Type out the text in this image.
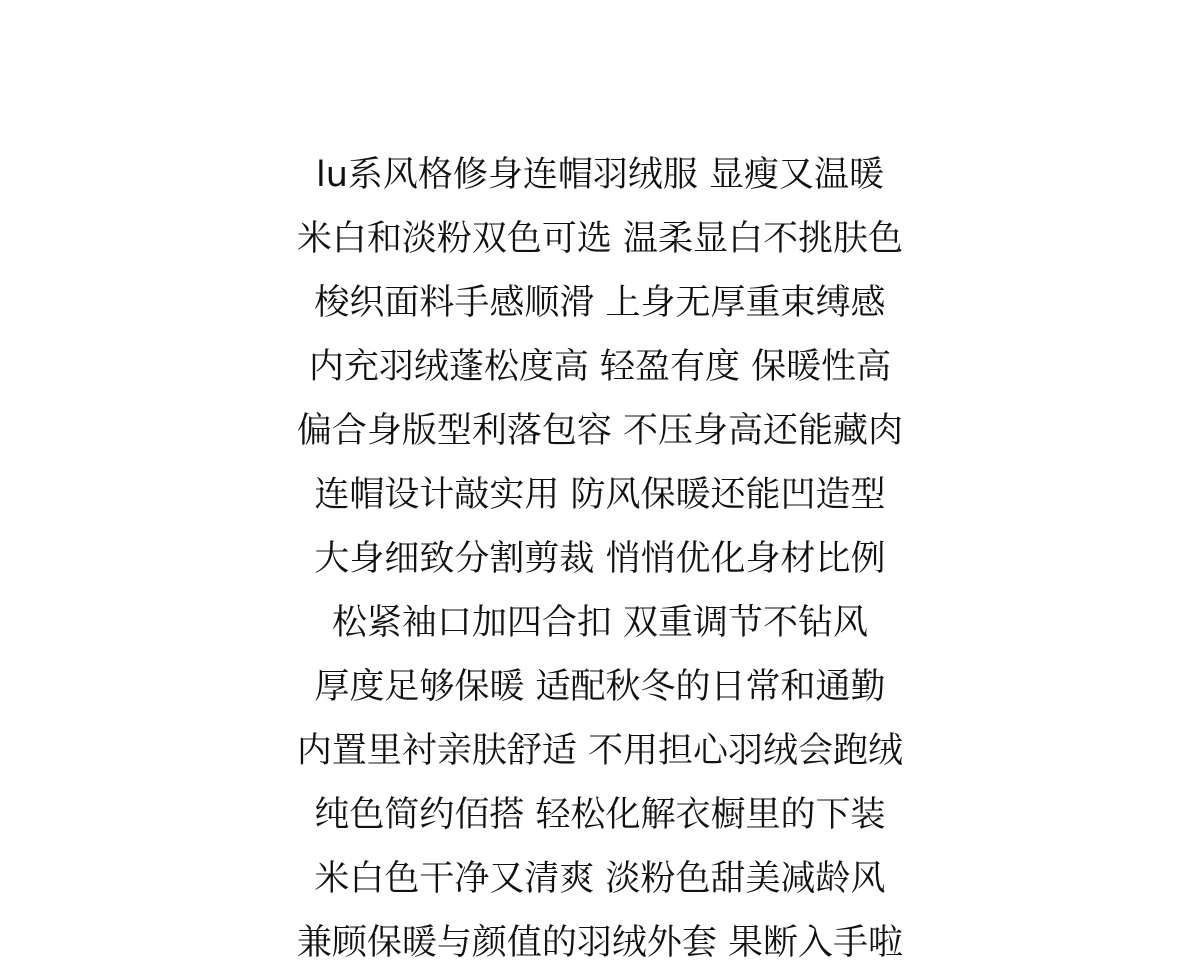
lu系风格修身连帽羽绒服 显瘦又温暖
米白和淡粉双色可选 温柔显白不挑肤色
梭织面料手感顺滑 上身无厚重束缚感
内充羽绒蓬松度高 轻盈有度 保暖性高
偏合身版型利落包容 不压身高还能藏肉
连帽设计敲实用 防风保暖还能凹造型
大身细致分割剪裁 悄悄优化身材比例
松紧袖口加四合扣 双重调节不钻风
厚度足够保暖 适配秋冬的日常和通勤
内置里衬亲肤舒适 不用担心羽绒会跑绒
纯色简约佰搭 轻松化解衣橱里的下装
米白色干净又清爽 淡粉色甜美减龄风
兼顾保暖与颜值的羽绒外套 果断入手啦
